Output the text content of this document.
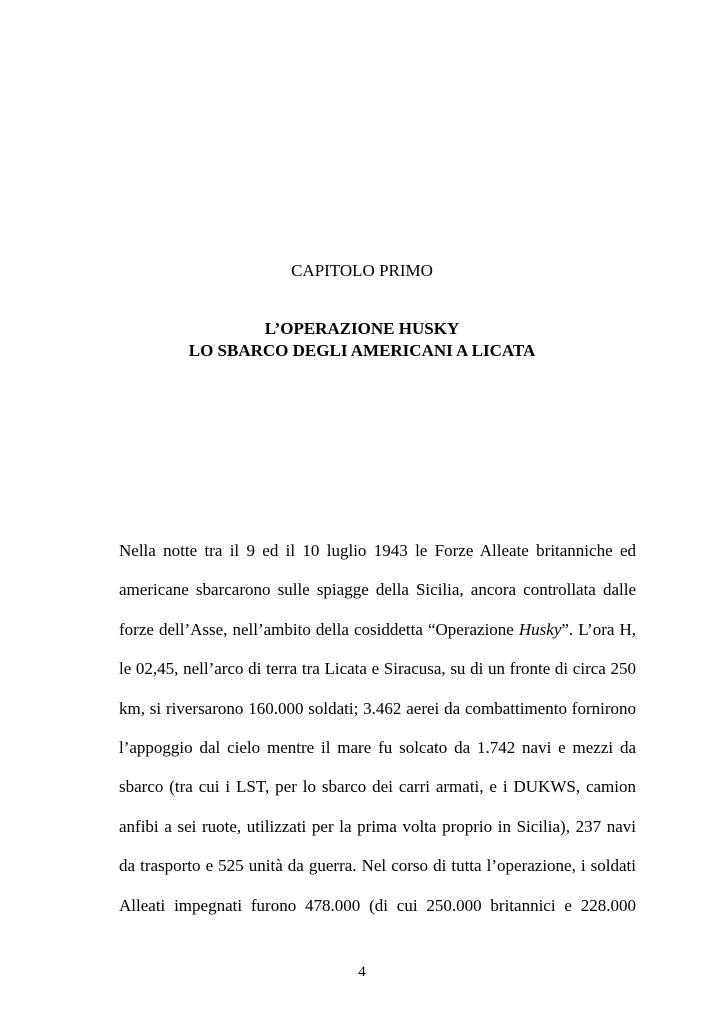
CAPITOLO PRIMO
L’OPERAZIONE HUSKY
LO SBARCO DEGLI AMERICANI A LICATA

Nella notte tra il 9 ed il 10 luglio 1943 le Forze Alleate britanniche ed
americane sbarcarono sulle spiagge della Sicilia, ancora controllata dalle
forze dell’Asse, nell’ambito della cosiddetta “Operazione Husky”. L’ora H,
le 02,45, nell’arco di terra tra Licata e Siracusa, su di un fronte di circa 250
km, si riversarono 160.000 soldati; 3.462 aerei da combattimento fornirono
l’appoggio dal cielo mentre il mare fu solcato da 1.742 navi e mezzi da
sbarco (tra cui i LST, per lo sbarco dei carri armati, e i DUKWS, camion
anfibi a sei ruote, utilizzati per la prima volta proprio in Sicilia), 237 navi
da trasporto e 525 unità da guerra. Nel corso di tutta l’operazione, i soldati
Alleati impegnati furono 478.000 (di cui 250.000 britannici e 228.000

4
